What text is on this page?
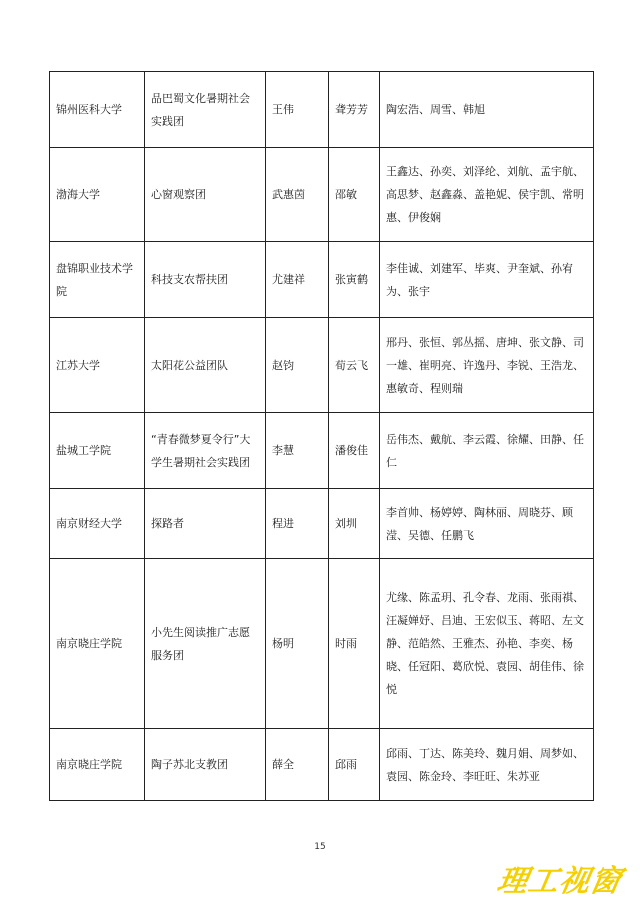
锦州医科大学	品巴蜀文化暑期社会实践团	王伟	聋芳芳	陶宏浩、周雪、韩旭
渤海大学	心窗观察团	武惠茵	邵敏	王鑫达、孙奕、刘泽纶、刘航、孟宇航、高思梦、赵鑫淼、盖艳妮、侯宇凯、常明惠、伊俊娴
盘锦职业技术学院	科技支农帮扶团	尤建祥	张寅鹤	李佳诚、刘建军、毕爽、尹奎斌、孙宥为、张宇
江苏大学	太阳花公益团队	赵钧	荀云飞	邢丹、张恒、郭丛摇、唐坤、张文静、司一雄、崔明亮、许逸丹、李锐、王浩龙、惠敏奇、程则瑞
盐城工学院	“青春微梦夏令行”大学生暑期社会实践团	李慧	潘俊佳	岳伟杰、戴航、李云霞、徐耀、田静、任仁
南京财经大学	探路者	程进	刘圳	李首帅、杨婷婷、陶林丽、周晓芬、顾滢、吴德、任鹏飞
南京晓庄学院	小先生阅读推广志愿服务团	杨明	时雨	尤缘、陈孟玥、孔令春、龙雨、张雨祺、汪凝婵妤、吕迪、王宏似玉、蒋昭、左文静、范皓然、王雅杰、孙艳、李奕、杨晓、任冠阳、葛欣悦、袁园、胡佳伟、徐悦
南京晓庄学院	陶子苏北支教团	薛全	邱雨	邱雨、丁达、陈美玲、魏月娟、周梦如、袁园、陈金玲、李旺旺、朱苏亚
15
理工视窗
